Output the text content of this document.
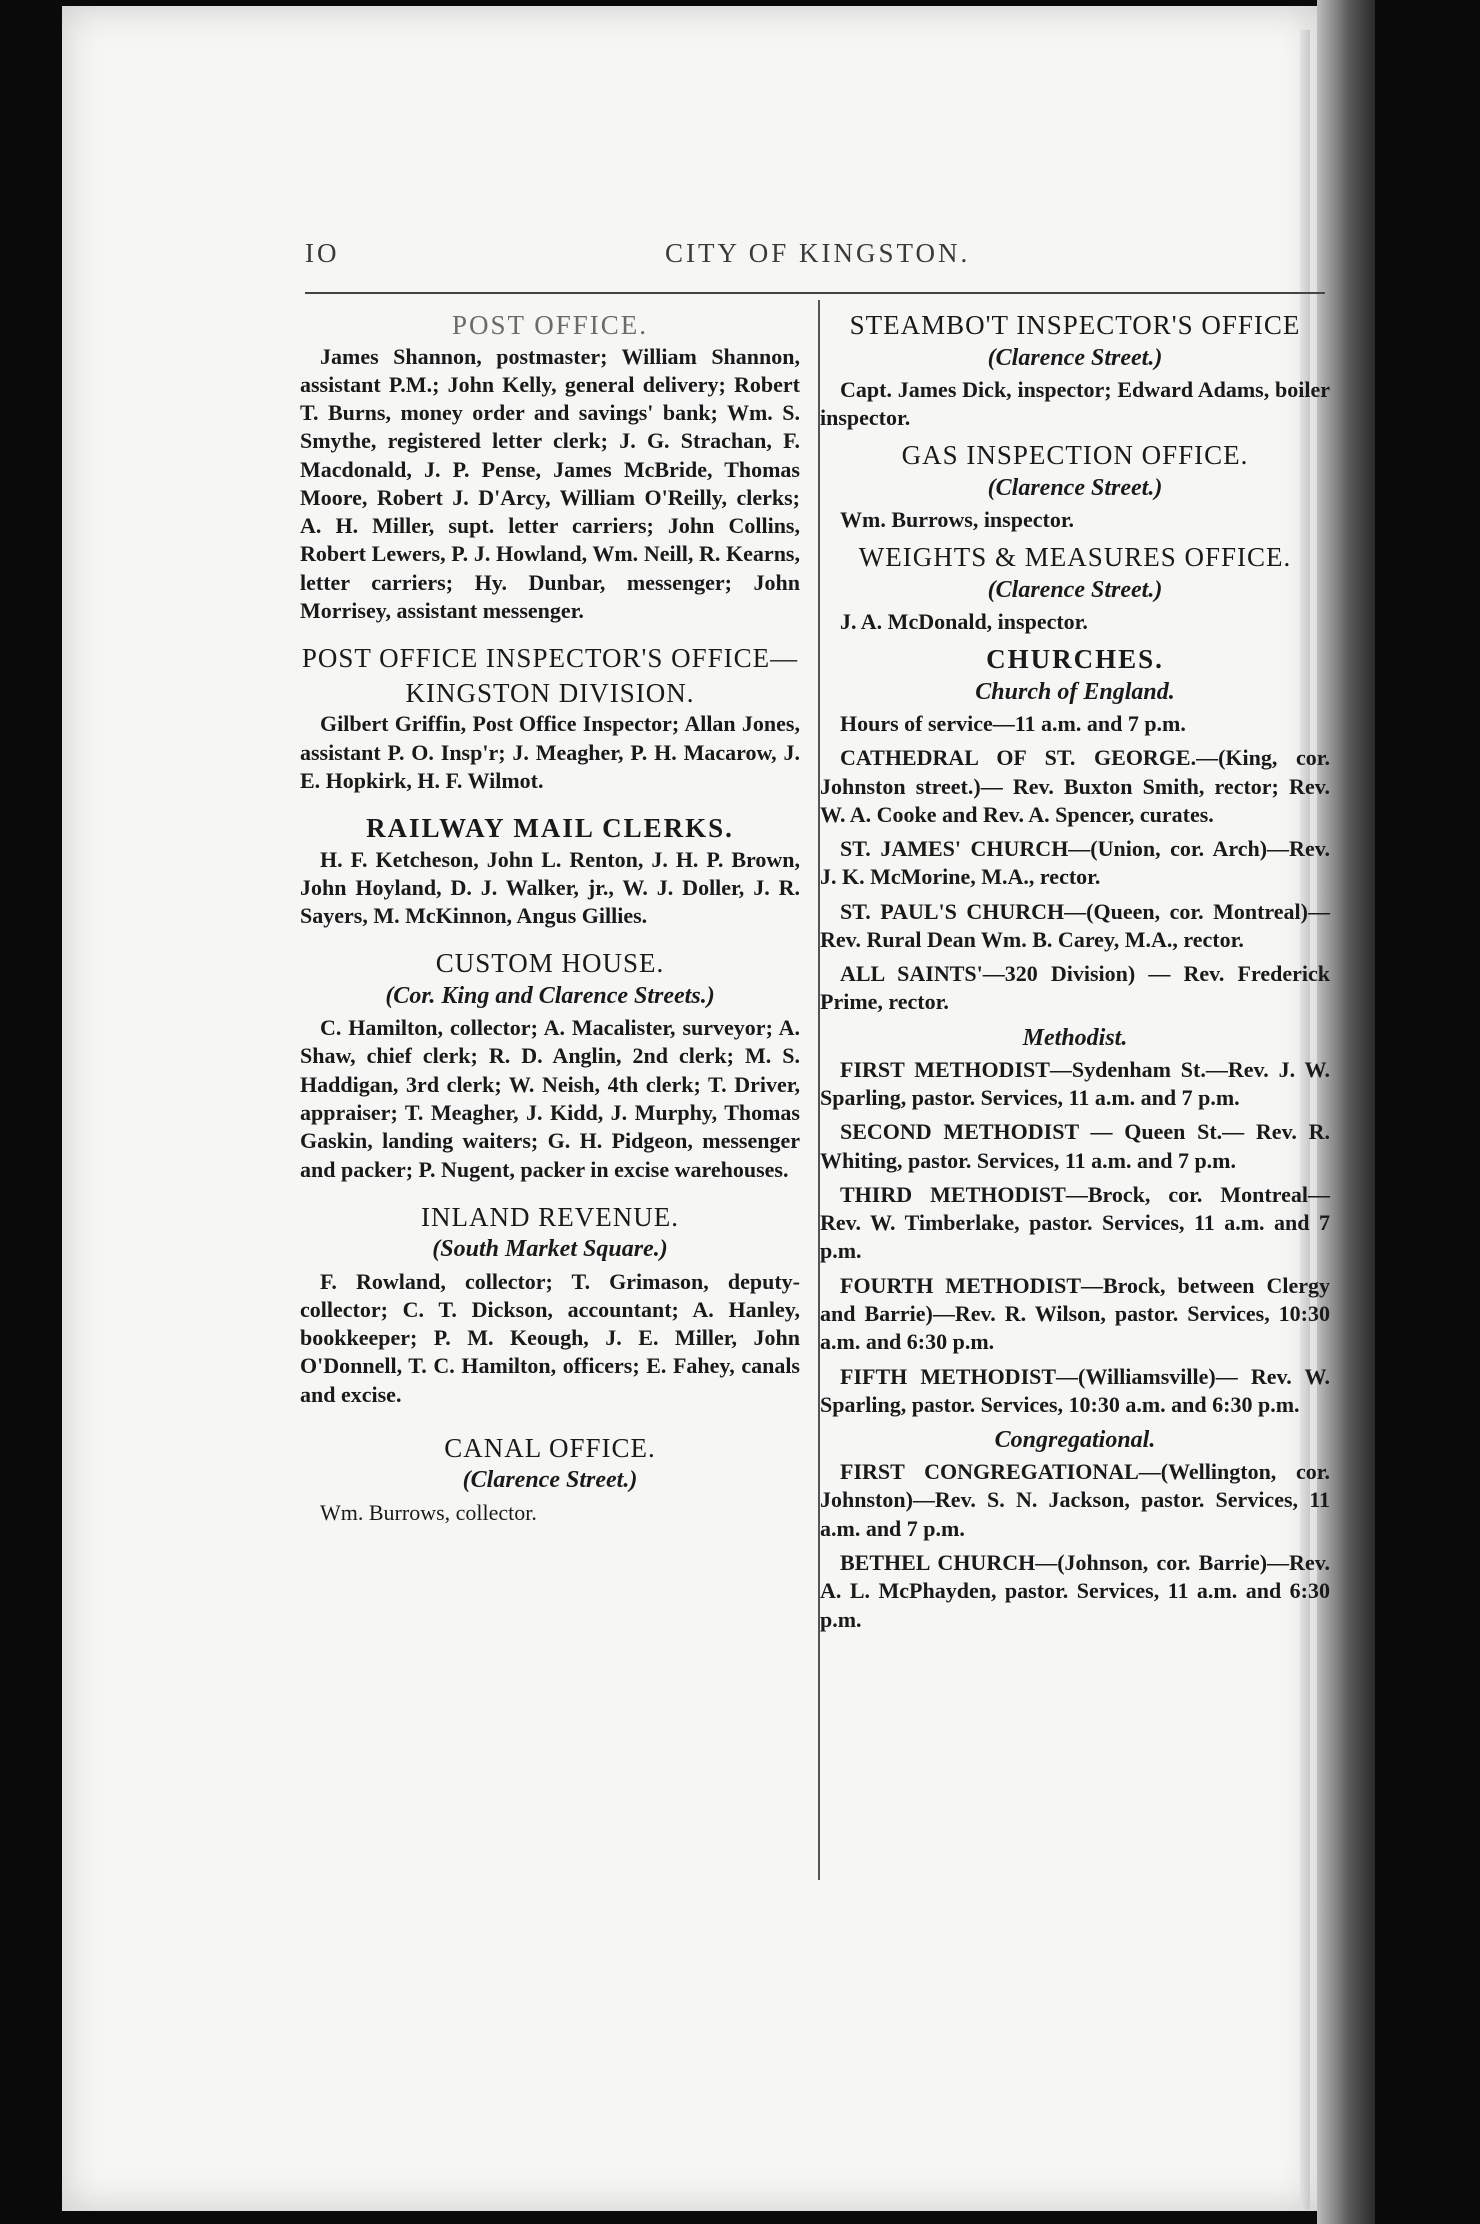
IO	CITY OF KINGSTON.

POST OFFICE.

James Shannon, postmaster; William Shannon, assistant P.M.; John Kelly, general delivery; Robert T. Burns, money order and savings' bank; Wm. S. Smythe, registered letter clerk; J. G. Strachan, F. Macdonald, J. P. Pense, James McBride, Thomas Moore, Robert J. D'Arcy, William O'Reilly, clerks; A. H. Miller, supt. letter carriers; John Collins, Robert Lewers, P. J. Howland, Wm. Neill, R. Kearns, letter carriers; Hy. Dunbar, messenger; John Morrisey, assistant messenger.

POST OFFICE INSPECTOR'S OFFICE—KINGSTON DIVISION.

Gilbert Griffin, Post Office Inspector; Allan Jones, assistant P. O. Insp'r; J. Meagher, P. H. Macarow, J. E. Hopkirk, H. F. Wilmot.

RAILWAY MAIL CLERKS.

H. F. Ketcheson, John L. Renton, J. H. P. Brown, John Hoyland, D. J. Walker, jr., W. J. Doller, J. R. Sayers, M. McKinnon, Angus Gillies.

CUSTOM HOUSE.

(Cor. King and Clarence Streets.)

C. Hamilton, collector; A. Macalister, surveyor; A. Shaw, chief clerk; R. D. Anglin, 2nd clerk; M. S. Haddigan, 3rd clerk; W. Neish, 4th clerk; T. Driver, appraiser; T. Meagher, J. Kidd, J. Murphy, Thomas Gaskin, landing waiters; G. H. Pidgeon, messenger and packer; P. Nugent, packer in excise warehouses.

INLAND REVENUE.

(South Market Square.)

F. Rowland, collector; T. Grimason, deputy-collector; C. T. Dickson, accountant; A. Hanley, bookkeeper; P. M. Keough, J. E. Miller, John O'Donnell, T. C. Hamilton, officers; E. Fahey, canals and excise.

CANAL OFFICE.

(Clarence Street.)

Wm. Burrows, collector.

STEAMBO'T INSPECTOR'S OFFICE

(Clarence Street.)

Capt. James Dick, inspector; Edward Adams, boiler inspector.

GAS INSPECTION OFFICE.

(Clarence Street.)

Wm. Burrows, inspector.

WEIGHTS & MEASURES OFFICE.

(Clarence Street.)

J. A. McDonald, inspector.

CHURCHES.

Church of England.

Hours of service—11 a.m. and 7 p.m.

CATHEDRAL OF ST. GEORGE.—(King, cor. Johnston street.)— Rev. Buxton Smith, rector; Rev. W. A. Cooke and Rev. A. Spencer, curates.

ST. JAMES' CHURCH—(Union, cor. Arch)—Rev. J. K. McMorine, M.A., rector.

ST. PAUL'S CHURCH—(Queen, cor. Montreal)—Rev. Rural Dean Wm. B. Carey, M.A., rector.

ALL SAINTS'—320 Division) — Rev. Frederick Prime, rector.

Methodist.

FIRST METHODIST—Sydenham St.—Rev. J. W. Sparling, pastor. Services, 11 a.m. and 7 p.m.

SECOND METHODIST — Queen St.— Rev. R. Whiting, pastor. Services, 11 a.m. and 7 p.m.

THIRD METHODIST—Brock, cor. Montreal—Rev. W. Timberlake, pastor. Services, 11 a.m. and 7 p.m.

FOURTH METHODIST—Brock, between Clergy and Barrie)—Rev. R. Wilson, pastor. Services, 10:30 a.m. and 6:30 p.m.

FIFTH METHODIST—(Williamsville)— Rev. W. Sparling, pastor. Services, 10:30 a.m. and 6:30 p.m.

Congregational.

FIRST CONGREGATIONAL—(Wellington, cor. Johnston)—Rev. S. N. Jackson, pastor. Services, 11 a.m. and 7 p.m.

BETHEL CHURCH—(Johnson, cor. Barrie)—Rev. A. L. McPhayden, pastor. Services, 11 a.m. and 6:30 p.m.
